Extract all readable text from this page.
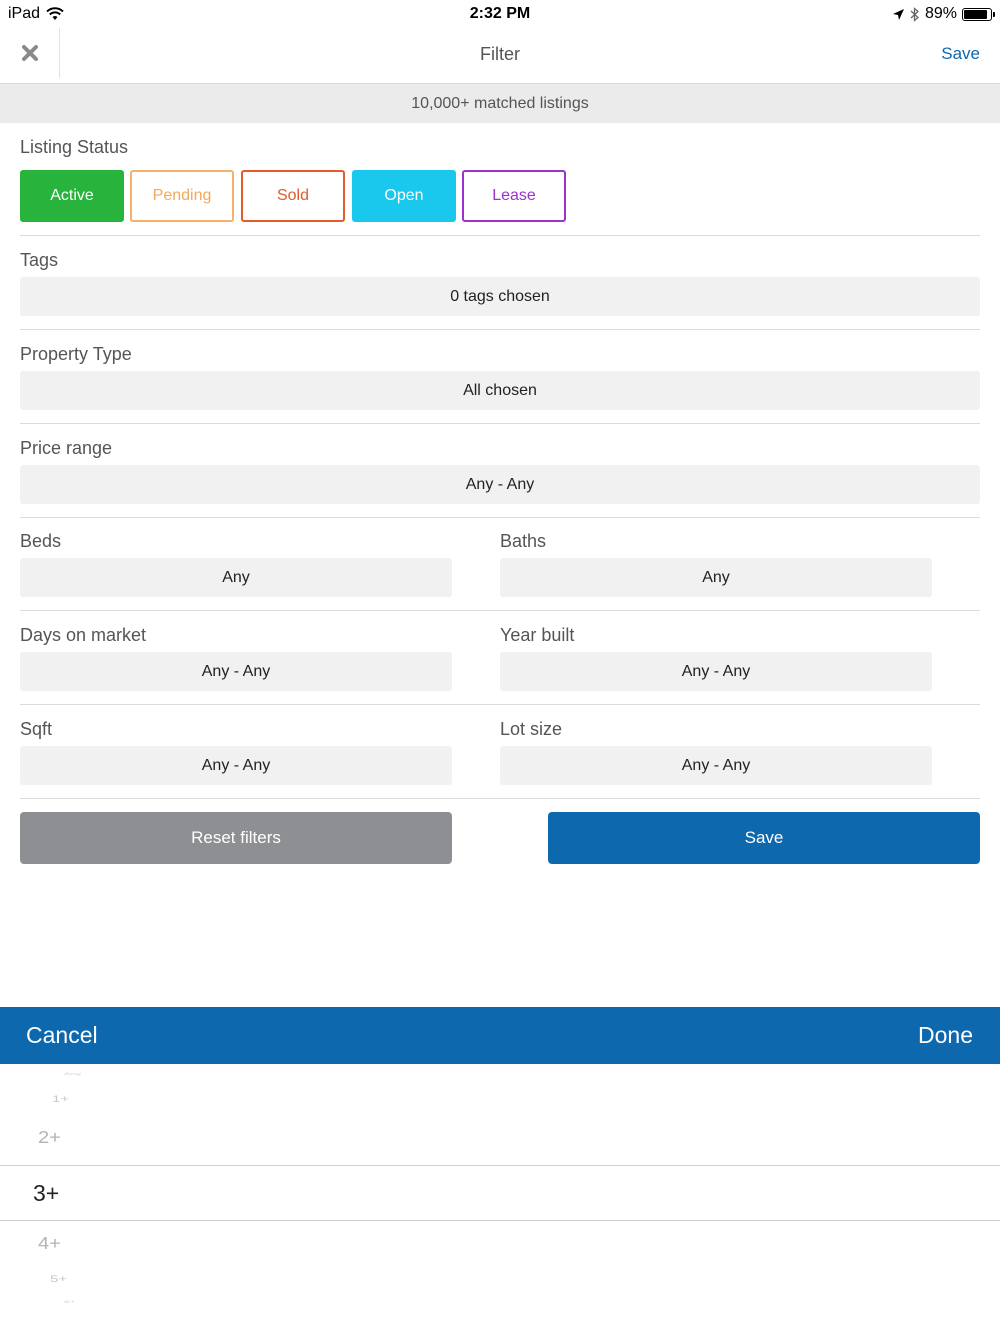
iPad	2:32 PM	89%
Filter	Save
10,000+ matched listings
Listing Status
Active	Pending	Sold	Open	Lease
Tags
0 tags chosen
Property Type
All chosen
Price range
Any - Any
Beds
Any
Baths
Any
Days on market
Any - Any
Year built
Any - Any
Sqft
Any - Any
Lot size
Any - Any
Reset filters	Save
Cancel	Done
Any
1+
2+
3+
4+
5+
6+
